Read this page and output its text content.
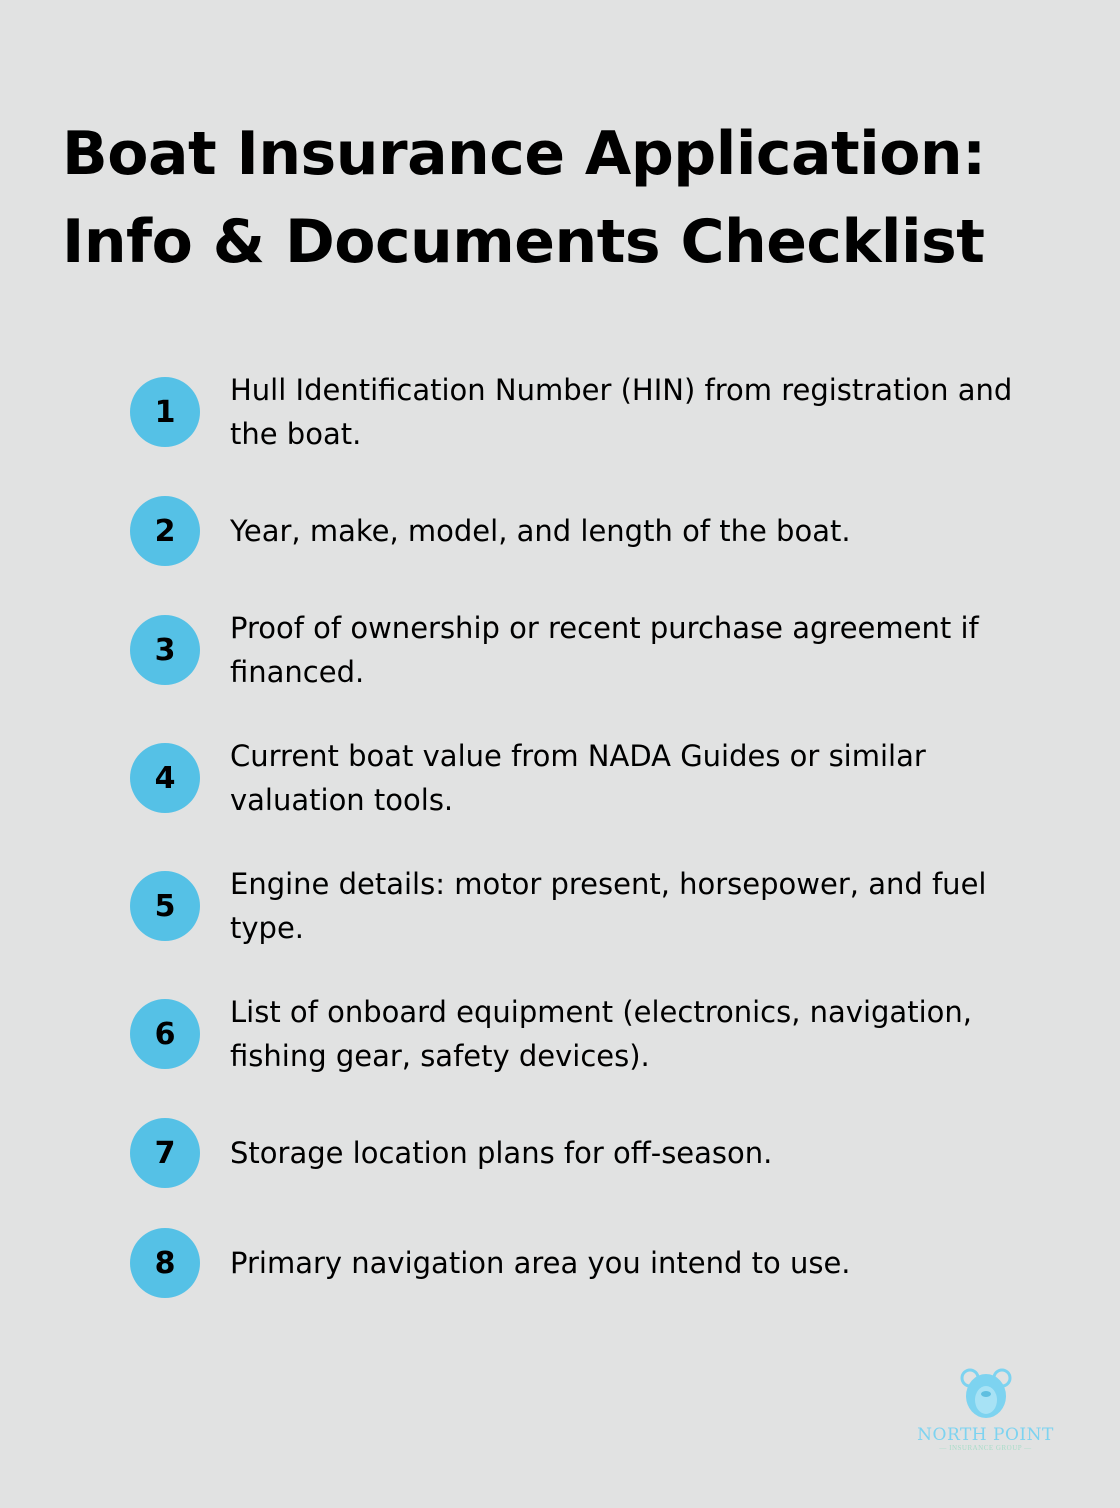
Boat Insurance Application:
Info & Documents Checklist
1
Hull Identification Number (HIN) from registration and the boat.
2	Year, make, model, and length of the boat.
3
Proof of ownership or recent purchase agreement if financed.
4
Current boat value from NADA Guides or similar valuation tools.
5
Engine details: motor present, horsepower, and fuel type.
6
List of onboard equipment (electronics, navigation, fishing gear, safety devices).
7	Storage location plans for off-season.
8	Primary navigation area you intend to use.
NORTH POINT
— INSURANCE GROUP —
